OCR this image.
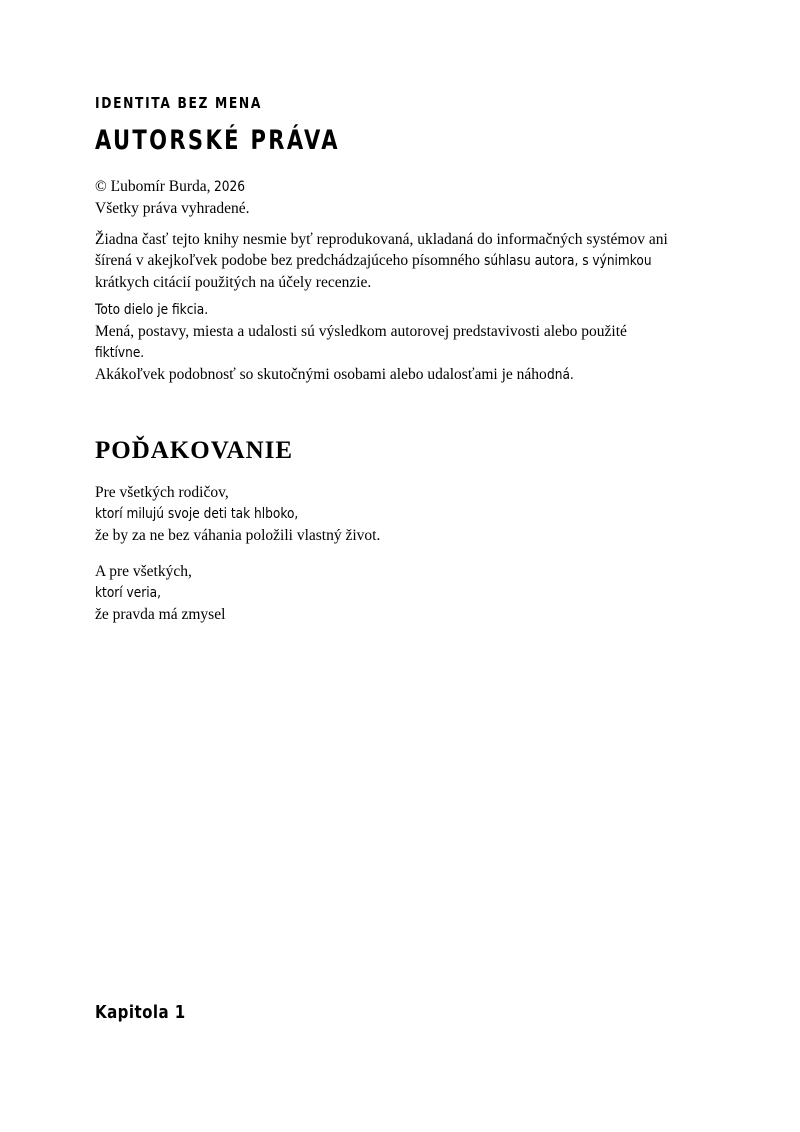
IDENTITA BEZ MENA
AUTORSKÉ PRÁVA

© Ľubomír Burda, 2026

Všetky práva vyhradené.

Žiadna časť tejto knihy nesmie byť reprodukovaná, ukladaná do informačných systémov ani

šírená v akejkoľvek podobe bez predchádzajúceho písomného súhlasu autora, s výnimkou

krátkych citácií použitých na účely recenzie.

Toto dielo je fikcia.

Mená, postavy, miesta a udalosti sú výsledkom autorovej predstavivosti alebo použité

fiktívne.

Akákoľvek podobnosť so skutočnými osobami alebo udalosťami je náhodná.

POĎAKOVANIE

Pre všetkých rodičov,

ktorí milujú svoje deti tak hlboko,

že by za ne bez váhania položili vlastný život.

A pre všetkých,

ktorí veria,

že pravda má zmysel

Kapitola 1
